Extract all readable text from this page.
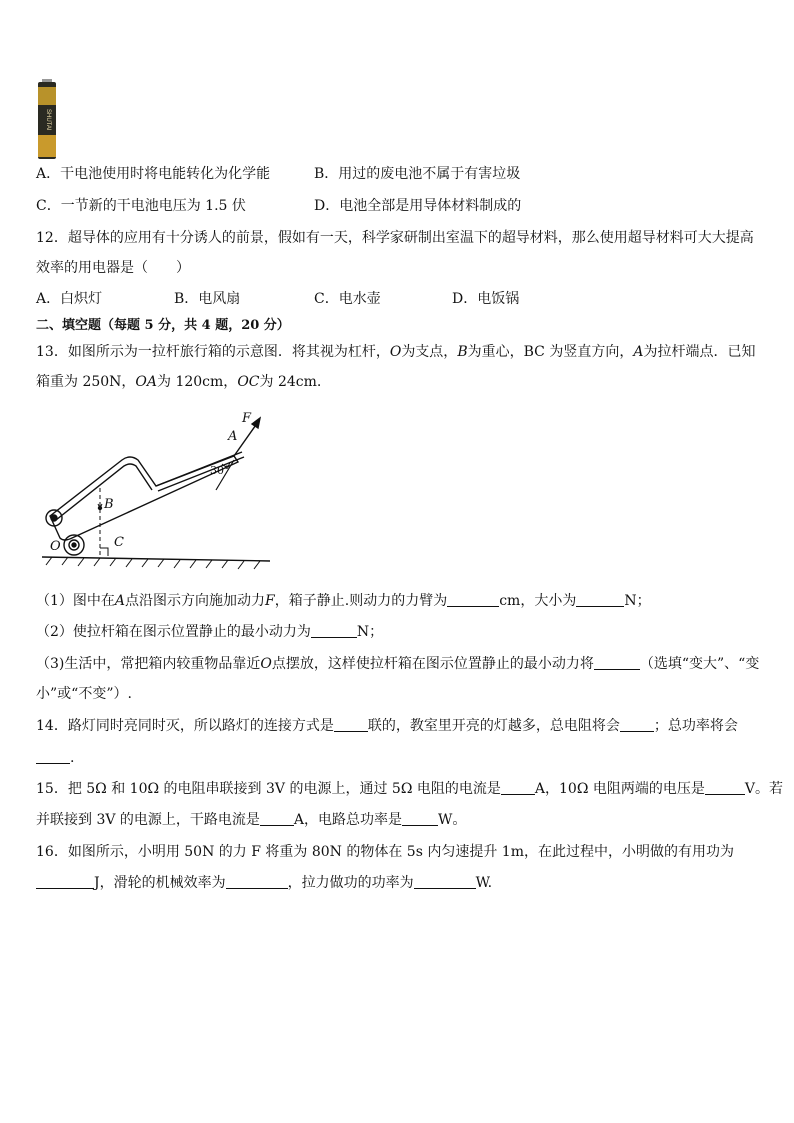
SHUTAI
A．干电池使用时将电能转化为化学能	B．用过的废电池不属于有害垃圾
C．一节新的干电池电压为 1.5 伏	D．电池全部是用导体材料制成的
12．超导体的应用有十分诱人的前景，假如有一天，科学家研制出室温下的超导材料，那么使用超导材料可大大提高
效率的用电器是（　　）
A．白炽灯	B．电风扇	C．电水壶	D．电饭锅
二、填空题（每题 5 分，共 4 题，20 分）
13．如图所示为一拉杆旅行箱的示意图．将其视为杠杆，O为支点，B为重心，BC 为竖直方向，A为拉杆端点．已知
箱重为 250N，OA为 120cm，OC为 24cm.
F
A
30°
B
O	C
（1）图中在A点沿图示方向施加动力F，箱子静止.则动力的力臂为	cm，大小为	N；
（2）使拉杆箱在图示位置静止的最小动力为	N；
（3)生活中，常把箱内较重物品靠近O点摆放，这样使拉杆箱在图示位置静止的最小动力将	（选填“变大”、“变
小”或“不变”）.
14．路灯同时亮同时灭，所以路灯的连接方式是 联的，教室里开亮的灯越多，总电阻将会 ；总功率将会
.
15．把 5Ω 和 10Ω 的电阻串联接到 3V 的电源上，通过 5Ω 电阻的电流是 A，10Ω 电阻两端的电压是	V。若
并联接到 3V 的电源上，干路电流是 A，电路总功率是	W。
16．如图所示，小明用 50N 的力 F 将重为 80N 的物体在 5s 内匀速提升 1m，在此过程中，小明做的有用功为
J，滑轮的机械效率为	，拉力做功的功率为	W.
